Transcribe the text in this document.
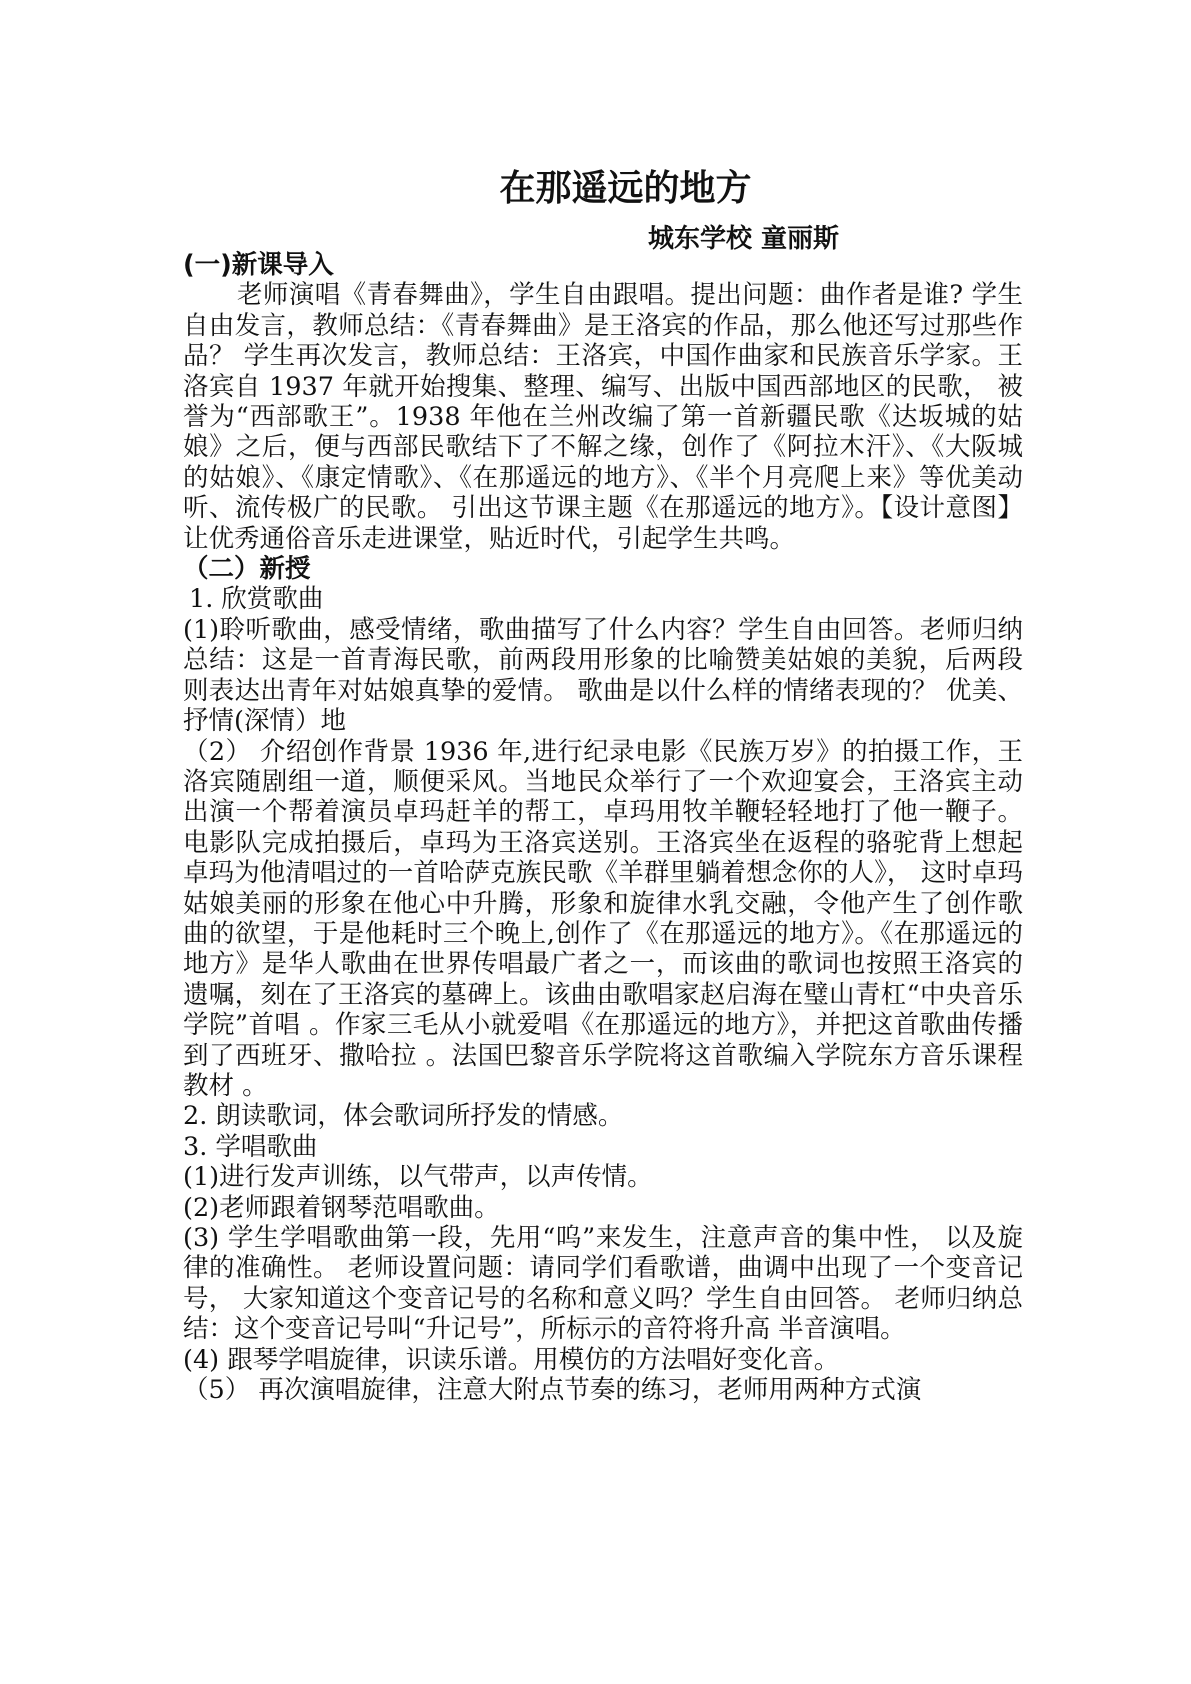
在那遥远的地方
城东学校 童丽斯

(一)新课导入

老师演唱《青春舞曲》，学生自由跟唱。提出问题：曲作者是谁? 学生自由发言，教师总结：《青春舞曲》是王洛宾的作品，那么他还写过那些作品？ 学生再次发言，教师总结：王洛宾，中国作曲家和民族音乐学家。王洛宾自 1937 年就开始搜集、整理、编写、出版中国西部地区的民歌， 被誉为“西部歌王”。1938 年他在兰州改编了第一首新疆民歌《达坂城的姑娘》之后，便与西部民歌结下了不解之缘，创作了《阿拉木汗》、《大阪城的姑娘》、《康定情歌》、《在那遥远的地方》、《半个月亮爬上来》等优美动听、流传极广的民歌。 引出这节课主题《在那遥远的地方》。【设计意图】让优秀通俗音乐走进课堂，贴近时代，引起学生共鸣。

（二）新授

1. 欣赏歌曲

(1)聆听歌曲，感受情绪，歌曲描写了什么内容？学生自由回答。老师归纳总结：这是一首青海民歌，前两段用形象的比喻赞美姑娘的美貌，后两段则表达出青年对姑娘真挚的爱情。 歌曲是以什么样的情绪表现的？ 优美、抒情(深情）地

（2） 介绍创作背景 1936 年,进行纪录电影《民族万岁》的拍摄工作，王洛宾随剧组一道，顺便采风。当地民众举行了一个欢迎宴会，王洛宾主动出演一个帮着演员卓玛赶羊的帮工，卓玛用牧羊鞭轻轻地打了他一鞭子。电影队完成拍摄后，卓玛为王洛宾送别。王洛宾坐在返程的骆驼背上想起卓玛为他清唱过的一首哈萨克族民歌《羊群里躺着想念你的人》， 这时卓玛姑娘美丽的形象在他心中升腾，形象和旋律水乳交融，令他产生了创作歌曲的欲望，于是他耗时三个晚上,创作了《在那遥远的地方》。《在那遥远的地方》是华人歌曲在世界传唱最广者之一，而该曲的歌词也按照王洛宾的遗嘱，刻在了王洛宾的墓碑上。该曲由歌唱家赵启海在璧山青杠“中央音乐学院”首唱 。作家三毛从小就爱唱《在那遥远的地方》，并把这首歌曲传播到了西班牙、撒哈拉 。法国巴黎音乐学院将这首歌编入学院东方音乐课程教材 。

2. 朗读歌词，体会歌词所抒发的情感。

3. 学唱歌曲

(1)进行发声训练，以气带声，以声传情。

(2)老师跟着钢琴范唱歌曲。

(3) 学生学唱歌曲第一段，先用“呜”来发生，注意声音的集中性， 以及旋律的准确性。 老师设置问题：请同学们看歌谱，曲调中出现了一个变音记号， 大家知道这个变音记号的名称和意义吗？学生自由回答。 老师归纳总结：这个变音记号叫“升记号”，所标示的音符将升高 半音演唱。

(4) 跟琴学唱旋律，识读乐谱。用模仿的方法唱好变化音。

（5） 再次演唱旋律，注意大附点节奏的练习，老师用两种方式演
